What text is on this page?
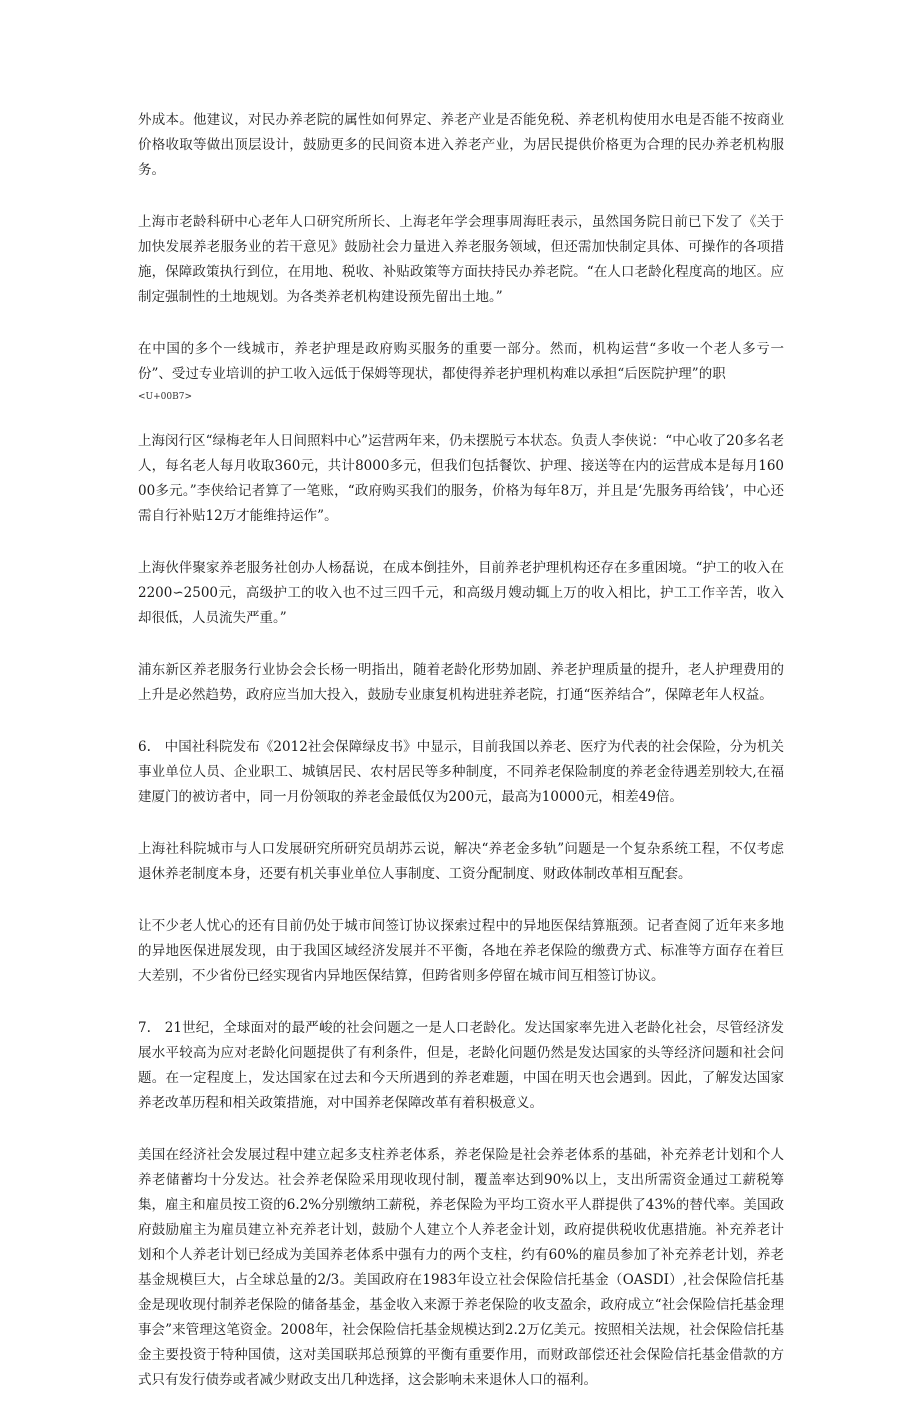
外成本。他建议，对民办养老院的属性如何界定、养老产业是否能免税、养老机构使用水电是否能不按商业价格收取等做出顶层设计，鼓励更多的民间资本进入养老产业，为居民提供价格更为合理的民办养老机构服务。

上海市老龄科研中心老年人口研究所所长、上海老年学会理事周海旺表示，虽然国务院日前已下发了《关于加快发展养老服务业的若干意见》鼓励社会力量进入养老服务领域，但还需加快制定具体、可操作的各项措施，保障政策执行到位，在用地、税收、补贴政策等方面扶持民办养老院。“在人口老龄化程度高的地区。应制定强制性的土地规划。为各类养老机构建设预先留出土地。”

在中国的多个一线城市，养老护理是政府购买服务的重要一部分。然而，机构运营“多收一个老人多亏一份”、受过专业培训的护工收入远低于保姆等现状，都使得养老护理机构难以承担“后医院护理”的职

<U+00B7>

上海闵行区“绿梅老年人日间照料中心”运营两年来，仍未摆脱亏本状态。负责人李侠说：“中心收了20多名老人，每名老人每月收取360元，共计8000多元，但我们包括餐饮、护理、接送等在内的运营成本是每月16000多元。”李侠给记者算了一笔账，“政府购买我们的服务，价格为每年8万，并且是‘先服务再给钱’，中心还需自行补贴12万才能维持运作”。

上海伙伴聚家养老服务社创办人杨磊说，在成本倒挂外，目前养老护理机构还存在多重困境。“护工的收入在2200∽2500元，高级护工的收入也不过三四千元，和高级月嫂动辄上万的收入相比，护工工作辛苦，收入却很低，人员流失严重。”

浦东新区养老服务行业协会会长杨一明指出，随着老龄化形势加剧、养老护理质量的提升，老人护理费用的上升是必然趋势，政府应当加大投入，鼓励专业康复机构进驻养老院，打通“医养结合”，保障老年人权益。

6.　中国社科院发布《2012社会保障绿皮书》中显示，目前我国以养老、医疗为代表的社会保险，分为机关事业单位人员、企业职工、城镇居民、农村居民等多种制度，不同养老保险制度的养老金待遇差别较大,在福建厦门的被访者中，同一月份领取的养老金最低仅为200元，最高为10000元，相差49倍。

上海社科院城市与人口发展研究所研究员胡苏云说，解决“养老金多轨”问题是一个复杂系统工程，不仅考虑退休养老制度本身，还要有机关事业单位人事制度、工资分配制度、财政体制改革相互配套。

让不少老人忧心的还有目前仍处于城市间签订协议探索过程中的异地医保结算瓶颈。记者查阅了近年来多地的异地医保进展发现，由于我国区域经济发展并不平衡，各地在养老保险的缴费方式、标准等方面存在着巨大差别，不少省份已经实现省内异地医保结算，但跨省则多停留在城市间互相签订协议。

7.　21世纪，全球面对的最严峻的社会问题之一是人口老龄化。发达国家率先进入老龄化社会，尽管经济发展水平较高为应对老龄化问题提供了有利条件，但是，老龄化问题仍然是发达国家的头等经济问题和社会问题。在一定程度上，发达国家在过去和今天所遇到的养老难题，中国在明天也会遇到。因此，了解发达国家养老改革历程和相关政策措施，对中国养老保障改革有着积极意义。

美国在经济社会发展过程中建立起多支柱养老体系，养老保险是社会养老体系的基础，补充养老计划和个人养老储蓄均十分发达。社会养老保险采用现收现付制，覆盖率达到90%以上，支出所需资金通过工薪税筹集，雇主和雇员按工资的6.2%分别缴纳工薪税，养老保险为平均工资水平人群提供了43%的替代率。美国政府鼓励雇主为雇员建立补充养老计划，鼓励个人建立个人养老金计划，政府提供税收优惠措施。补充养老计划和个人养老计划已经成为美国养老体系中强有力的两个支柱，约有60%的雇员参加了补充养老计划，养老基金规模巨大，占全球总量的2/3。美国政府在1983年设立社会保险信托基金（OASDI）,社会保险信托基金是现收现付制养老保险的储备基金，基金收入来源于养老保险的收支盈余，政府成立“社会保险信托基金理事会”来管理这笔资金。2008年，社会保险信托基金规模达到2.2万亿美元。按照相关法规，社会保险信托基金主要投资于特种国债，这对美国联邦总预算的平衡有重要作用，而财政部偿还社会保险信托基金借款的方式只有发行债券或者减少财政支出几种选择，这会影响未来退休人口的福利。
